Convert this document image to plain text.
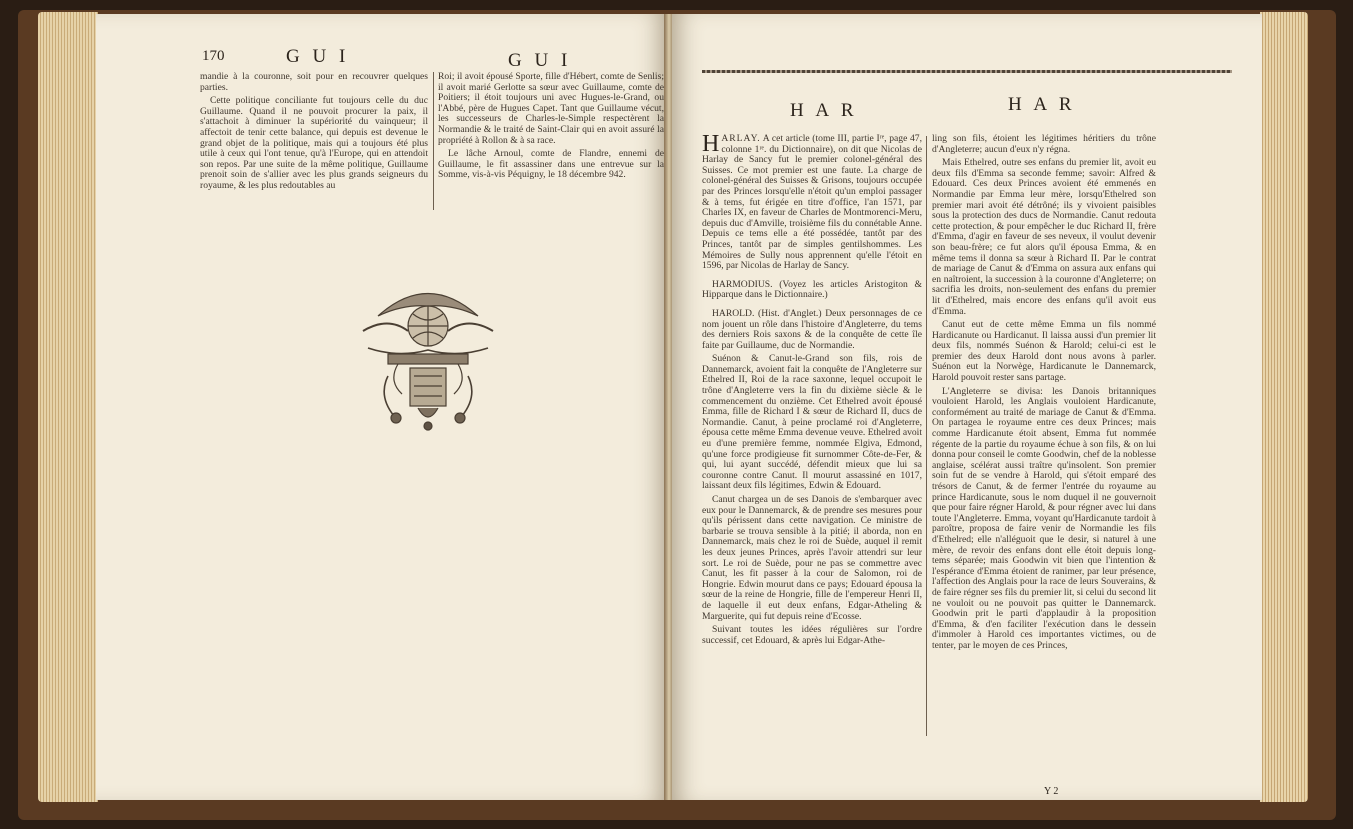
170	G U I	G U I

mandie à la couronne, soit pour en recouvrer quelques parties.

Cette politique conciliante fut toujours celle du duc Guillaume. Quand il ne pouvoit procurer la paix, il s'attachoit à diminuer la supériorité du vainqueur; il affectoit de tenir cette balance, qui depuis est devenue le grand objet de la politique, mais qui a toujours été plus utile à ceux qui l'ont tenue, qu'à l'Europe, qui en attendoit son repos. Par une suite de la même politique, Guillaume prenoit soin de s'allier avec les plus grands seigneurs du royaume, & les plus redoutables au

Roi; il avoit épousé Sporte, fille d'Hébert, comte de Senlis; il avoit marié Gerlotte sa sœur avec Guillaume, comte de Poitiers; il étoit toujours uni avec Hugues-le-Grand, ou l'Abbé, père de Hugues Capet. Tant que Guillaume vécut, les successeurs de Charles-le-Simple respectèrent la Normandie & le traité de Saint-Clair qui en avoit assuré la propriété à Rollon & à sa race.

Le lâche Arnoul, comte de Flandre, ennemi de Guillaume, le fit assassiner dans une entrevue sur la Somme, vis-à-vis Péquigny, le 18 décembre 942.

H A R	H A R

HARLAY. A cet article (tome III, partie Iʳᵉ, page 47, colonne 1ʳᵉ. du Dictionnaire), on dit que Nicolas de Harlay de Sancy fut le premier colonel-général des Suisses. Ce mot premier est une faute. La charge de colonel-général des Suisses & Grisons, toujours occupée par des Princes lorsqu'elle n'étoit qu'un emploi passager & à tems, fut érigée en titre d'office, l'an 1571, par Charles IX, en faveur de Charles de Montmorenci-Meru, depuis duc d'Amville, troisième fils du connétable Anne. Depuis ce tems elle a été possédée, tantôt par des Princes, tantôt par de simples gentilshommes. Les Mémoires de Sully nous apprennent qu'elle l'étoit en 1596, par Nicolas de Harlay de Sancy.

HARMODIUS. (Voyez les articles Aristogiton & Hipparque dans le Dictionnaire.)

HAROLD. (Hist. d'Anglet.) Deux personnages de ce nom jouent un rôle dans l'histoire d'Angleterre, du tems des derniers Rois saxons & de la conquête de cette île faite par Guillaume, duc de Normandie.

Suénon & Canut-le-Grand son fils, rois de Dannemarck, avoient fait la conquête de l'Angleterre sur Ethelred II, Roi de la race saxonne, lequel occupoit le trône d'Angleterre vers la fin du dixième siècle & le commencement du onzième. Cet Ethelred avoit épousé Emma, fille de Richard I & sœur de Richard II, ducs de Normandie. Canut, à peine proclamé roi d'Angleterre, épousa cette même Emma devenue veuve. Ethelred avoit eu d'une première femme, nommée Elgiva, Edmond, qu'une force prodigieuse fit surnommer Côte-de-Fer, & qui, lui ayant succédé, défendit mieux que lui sa couronne contre Canut. Il mourut assassiné en 1017, laissant deux fils légitimes, Edwin & Edouard.

Canut chargea un de ses Danois de s'embarquer avec eux pour le Dannemarck, & de prendre ses mesures pour qu'ils périssent dans cette navigation. Ce ministre de barbarie se trouva sensible à la pitié; il aborda, non en Dannemarck, mais chez le roi de Suède, auquel il remit les deux jeunes Princes, après l'avoir attendri sur leur sort. Le roi de Suède, pour ne pas se commettre avec Canut, les fit passer à la cour de Salomon, roi de Hongrie. Edwin mourut dans ce pays; Edouard épousa la sœur de la reine de Hongrie, fille de l'empereur Henri II, de laquelle il eut deux enfans, Edgar-Atheling & Marguerite, qui fut depuis reine d'Ecosse.

Suivant toutes les idées régulières sur l'ordre successif, cet Edouard, & après lui Edgar-Athe-

ling son fils, étoient les légitimes héritiers du trône d'Angleterre; aucun d'eux n'y régna.

Mais Ethelred, outre ses enfans du premier lit, avoit eu deux fils d'Emma sa seconde femme; savoir: Alfred & Edouard. Ces deux Princes avoient été emmenés en Normandie par Emma leur mère, lorsqu'Ethelred son premier mari avoit été détrôné; ils y vivoient paisibles sous la protection des ducs de Normandie. Canut redouta cette protection, & pour empêcher le duc Richard II, frère d'Emma, d'agir en faveur de ses neveux, il voulut devenir son beau-frère; ce fut alors qu'il épousa Emma, & en même tems il donna sa sœur à Richard II. Par le contrat de mariage de Canut & d'Emma on assura aux enfans qui en naîtroient, la succession à la couronne d'Angleterre; on sacrifia les droits, non-seulement des enfans du premier lit d'Ethelred, mais encore des enfans qu'il avoit eus d'Emma.

Canut eut de cette même Emma un fils nommé Hardicanute ou Hardicanut. Il laissa aussi d'un premier lit deux fils, nommés Suénon & Harold; celui-ci est le premier des deux Harold dont nous avons à parler. Suénon eut la Norwège, Hardicanute le Dannemarck, Harold pouvoit rester sans partage.

L'Angleterre se divisa: les Danois britanniques vouloient Harold, les Anglais vouloient Hardicanute, conformément au traité de mariage de Canut & d'Emma. On partagea le royaume entre ces deux Princes; mais comme Hardicanute étoit absent, Emma fut nommée régente de la partie du royaume échue à son fils, & on lui donna pour conseil le comte Goodwin, chef de la noblesse anglaise, scélérat aussi traître qu'insolent. Son premier soin fut de se vendre à Harold, qui s'étoit emparé des trésors de Canut, & de fermer l'entrée du royaume au prince Hardicanute, sous le nom duquel il ne gouvernoit que pour faire régner Harold, & pour régner avec lui dans toute l'Angleterre. Emma, voyant qu'Hardicanute tardoit à paroître, proposa de faire venir de Normandie les fils d'Ethelred; elle n'alléguoit que le desir, si naturel à une mère, de revoir des enfans dont elle étoit depuis long-tems séparée; mais Goodwin vit bien que l'intention & l'espérance d'Emma étoient de ranimer, par leur présence, l'affection des Anglais pour la race de leurs Souverains, & de faire régner ses fils du premier lit, si celui du second lit ne vouloit ou ne pouvoit pas quitter le Dannemarck. Goodwin prit le parti d'applaudir à la proposition d'Emma, & d'en faciliter l'exécution dans le dessein d'immoler à Harold ces importantes victimes, ou de tenter, par le moyen de ces Princes,

Y 2
